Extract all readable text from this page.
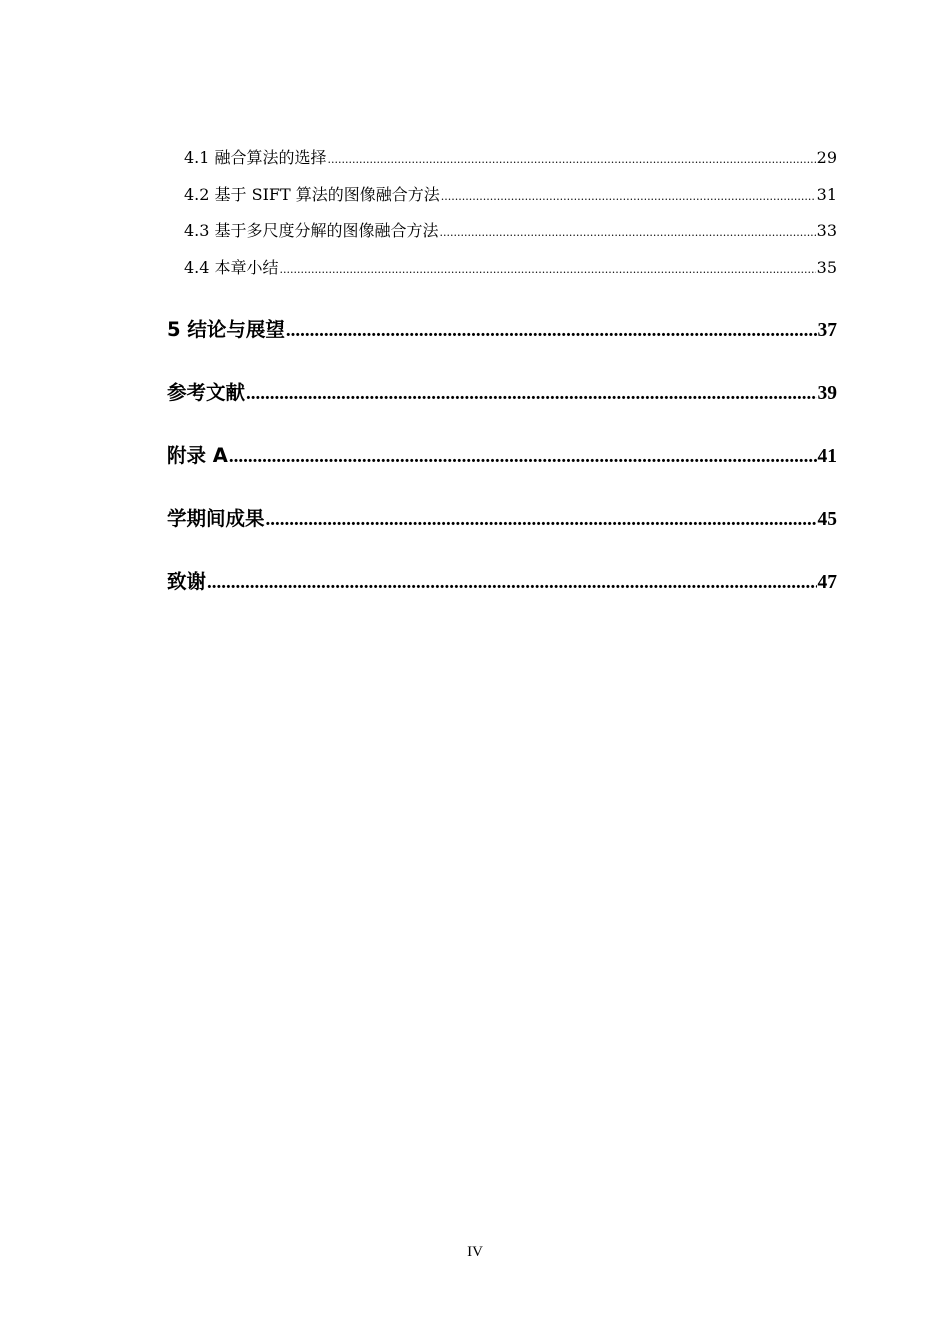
4.1 融合算法的选择 .....	29
4.2 基于 SIFT 算法的图像融合方法 .....	31
4.3 基于多尺度分解的图像融合方法 .....	33
4.4 本章小结 .....	35
5 结论与展望 .....	37
参考文献 .....	39
附录 A .....	41
学期间成果 .....	45
致谢 .....	47
IV
